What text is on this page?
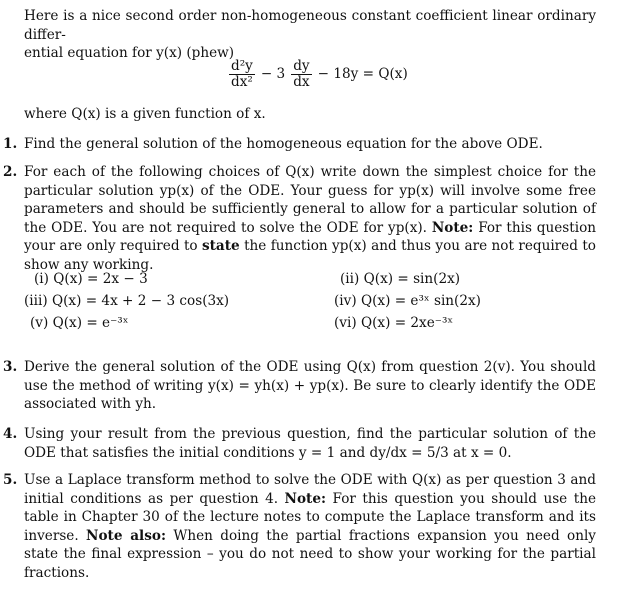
Here is a nice second order non-homogeneous constant coefficient linear ordinary differ-
ential equation for y(x) (phew)
$\frac{\text{d²y}}{\text{dx²}} - 3 \frac{dy}{dx} - 18y = Q(x)$
where Q(x) is a given function of x.
1. Find the general solution of the homogeneous equation for the above ODE.
2. For each of the following choices of Q(x) write down the simplest choice for the particular solution yp(x) of the ODE. Your guess for yp(x) will involve some free parameters and should be sufficiently general to allow for a particular solution of the ODE. You are not required to solve the ODE for yp(x). Note: For this question your are only required to state the function yp(x) and thus you are not required to show any working.
(i) Q(x) = 2x − 3	(ii) Q(x) = sin(2x)
(iii) Q(x) = 4x + 2 − 3 cos(3x)	(iv) Q(x) = e³ˣ sin(2x)
(v) Q(x) = e⁻³ˣ	(vi) Q(x) = 2xe⁻³ˣ
3. Derive the general solution of the ODE using Q(x) from question 2(v). You should use the method of writing y(x) = yh(x) + yp(x). Be sure to clearly identify the ODE associated with yh.
4. Using your result from the previous question, find the particular solution of the ODE that satisfies the initial conditions y = 1 and dy/dx = 5/3 at x = 0.
5. Use a Laplace transform method to solve the ODE with Q(x) as per question 3 and initial conditions as per question 4. Note: For this question you should use the table in Chapter 30 of the lecture notes to compute the Laplace transform and its inverse. Note also: When doing the partial fractions expansion you need only state the final expression – you do not need to show your working for the partial fractions.
